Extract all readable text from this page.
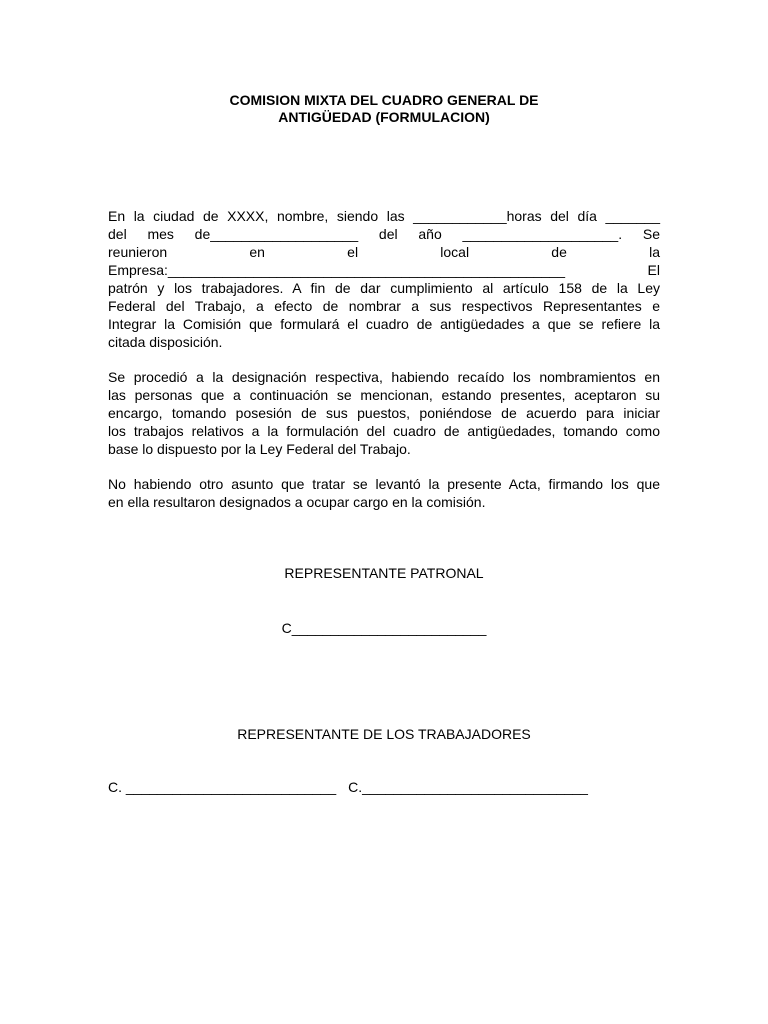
COMISION MIXTA DEL CUADRO GENERAL DE
ANTIGÜEDAD (FORMULACION)
En la ciudad de XXXX, nombre, siendo las ____________horas del día _______
del mes de___________________ del año ____________________. Se
reunieron en el local de la
Empresa:___________________________________________________ El
patrón y los trabajadores. A fin de dar cumplimiento al artículo 158 de la Ley
Federal del Trabajo, a efecto de nombrar a sus respectivos Representantes e
Integrar la Comisión que formulará el cuadro de antigüedades a que se refiere la
citada disposición.
Se procedió a la designación respectiva, habiendo recaído los nombramientos en
las personas que a continuación se mencionan, estando presentes, aceptaron su
encargo, tomando posesión de sus puestos, poniéndose de acuerdo para iniciar
los trabajos relativos a la formulación del cuadro de antigüedades, tomando como
base lo dispuesto por la Ley Federal del Trabajo.
No habiendo otro asunto que tratar se levantó la presente Acta, firmando los que
en ella resultaron designados a ocupar cargo en la comisión.
REPRESENTANTE PATRONAL
C_________________________
REPRESENTANTE DE LOS TRABAJADORES
C. ___________________________ C._____________________________
